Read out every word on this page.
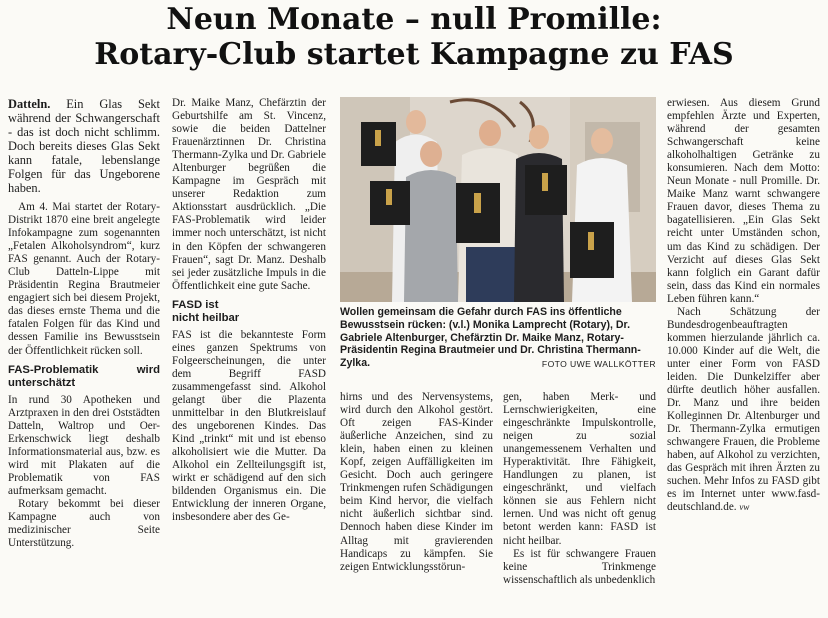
Neun Monate – null Promille:
Rotary-Club startet Kampagne zu FAS

Datteln. Ein Glas Sekt während der Schwangerschaft - das ist doch nicht schlimm. Doch bereits dieses Glas Sekt kann fatale, lebenslange Folgen für das Ungeborene haben.

Am 4. Mai startet der Rotary-Distrikt 1870 eine breit angelegte Infokampagne zum sogenannten „Fetalen Alkoholsyndrom“, kurz FAS genannt. Auch der Rotary-Club Datteln-Lippe mit Präsidentin Regina Brautmeier engagiert sich bei diesem Projekt, das dieses ernste Thema und die fatalen Folgen für das Kind und dessen Familie ins Bewusstsein der Öffentlichkeit rücken soll.

FAS-Problematik wird unterschätzt

In rund 30 Apotheken und Arztpraxen in den drei Oststädten Datteln, Waltrop und Oer-Erkenschwick liegt deshalb Informationsmaterial aus, bzw. es wird mit Plakaten auf die Problematik von FAS aufmerksam gemacht.

Rotary bekommt bei dieser Kampagne auch von medizinischer Seite Unterstützung.

Dr. Maike Manz, Chefärztin der Geburtshilfe am St. Vincenz, sowie die beiden Dattelner Frauenärztinnen Dr. Christina Thermann-Zylka und Dr. Gabriele Altenburger begrüßen die Kampagne im Gespräch mit unserer Redaktion zum Aktionsstart ausdrücklich. „Die FAS-Problematik wird leider immer noch unterschätzt, ist nicht in den Köpfen der schwangeren Frauen“, sagt Dr. Manz. Deshalb sei jeder zusätzliche Impuls in die Öffentlichkeit eine gute Sache.

FASD ist
nicht heilbar

FAS ist die bekannteste Form eines ganzen Spektrums von Folgeerscheinungen, die unter dem Begriff FASD zusammengefasst sind. Alkohol gelangt über die Plazenta unmittelbar in den Blutkreislauf des ungeborenen Kindes. Das Kind „trinkt“ mit und ist ebenso alkoholisiert wie die Mutter. Da Alkohol ein Zellteilungsgift ist, wirkt er schädigend auf den sich bildenden Organismus ein. Die Entwicklung der inneren Organe, insbesondere aber des Ge-

Wollen gemeinsam die Gefahr durch FAS ins öffentliche Bewusstsein rücken: (v.l.) Monika Lamprecht (Rotary), Dr. Gabriele Altenburger, Chefärztin Dr. Maike Manz, Rotary-Präsidentin Regina Brautmeier und Dr. Christina Thermann-Zylka.	FOTO UWE WALLKÖTTER

hirns und des Nervensystems, wird durch den Alkohol gestört. Oft zeigen FAS-Kinder äußerliche Anzeichen, sind zu klein, haben einen zu kleinen Kopf, zeigen Auffälligkeiten im Gesicht. Doch auch geringere Trinkmengen rufen Schädigungen beim Kind hervor, die vielfach nicht äußerlich sichtbar sind. Dennoch haben diese Kinder im Alltag mit gravierenden Handicaps zu kämpfen. Sie zeigen Entwicklungsstörun-

gen, haben Merk- und Lernschwierigkeiten, eine eingeschränkte Impulskontrolle, neigen zu sozial unangemessenem Verhalten und Hyperaktivität. Ihre Fähigkeit, Handlungen zu planen, ist eingeschränkt, und vielfach können sie aus Fehlern nicht lernen. Und was nicht oft genug betont werden kann: FASD ist nicht heilbar.

Es ist für schwangere Frauen keine Trinkmenge wissenschaftlich als unbedenklich

erwiesen. Aus diesem Grund empfehlen Ärzte und Experten, während der gesamten Schwangerschaft keine alkoholhaltigen Getränke zu konsumieren. Nach dem Motto: Neun Monate - null Promille. Dr. Maike Manz warnt schwangere Frauen davor, dieses Thema zu bagatellisieren. „Ein Glas Sekt reicht unter Umständen schon, um das Kind zu schädigen. Der Verzicht auf dieses Glas Sekt kann folglich ein Garant dafür sein, dass das Kind ein normales Leben führen kann.“

Nach Schätzung der Bundesdrogenbeauftragten kommen hierzulande jährlich ca. 10.000 Kinder auf die Welt, die unter einer Form von FASD leiden. Die Dunkelziffer aber dürfte deutlich höher ausfallen. Dr. Manz und ihre beiden Kolleginnen Dr. Altenburger und Dr. Thermann-Zylka ermutigen schwangere Frauen, die Probleme haben, auf Alkohol zu verzichten, das Gespräch mit ihren Ärzten zu suchen. Mehr Infos zu FASD gibt es im Internet unter www.fasd-deutschland.de. vw
